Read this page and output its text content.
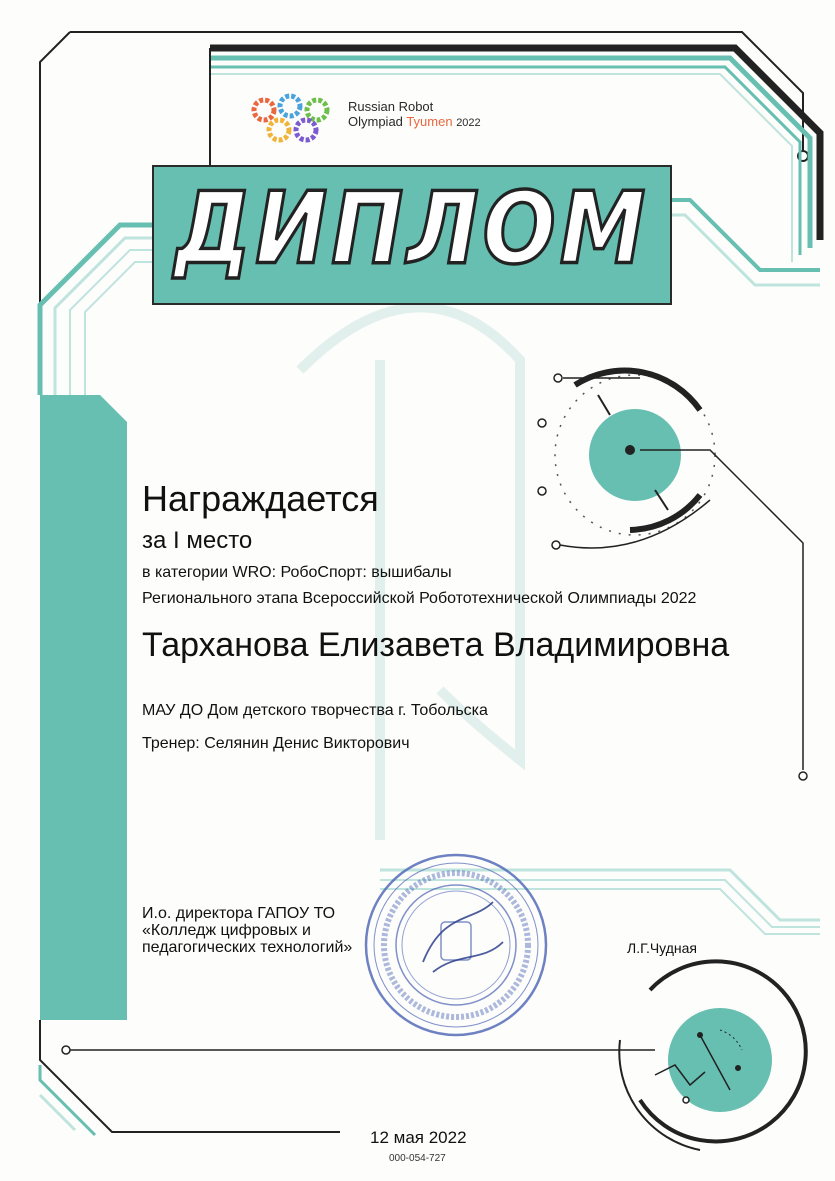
Russian Robot
Olympiad Tyumen 2022
ДИПЛОМ
Награждается
за I место
в категории WRO: РобоСпорт: вышибалы
Регионального этапа Всероссийской Робототехнической Олимпиады 2022
Тарханова Елизавета Владимировна
МАУ ДО Дом детского творчества г. Тобольска
Тренер: Селянин Денис Викторович
И.о. директора ГАПОУ ТО «Колледж цифровых и педагогических технологий»	Л.Г.Чудная
12 мая 2022
000-054-727
